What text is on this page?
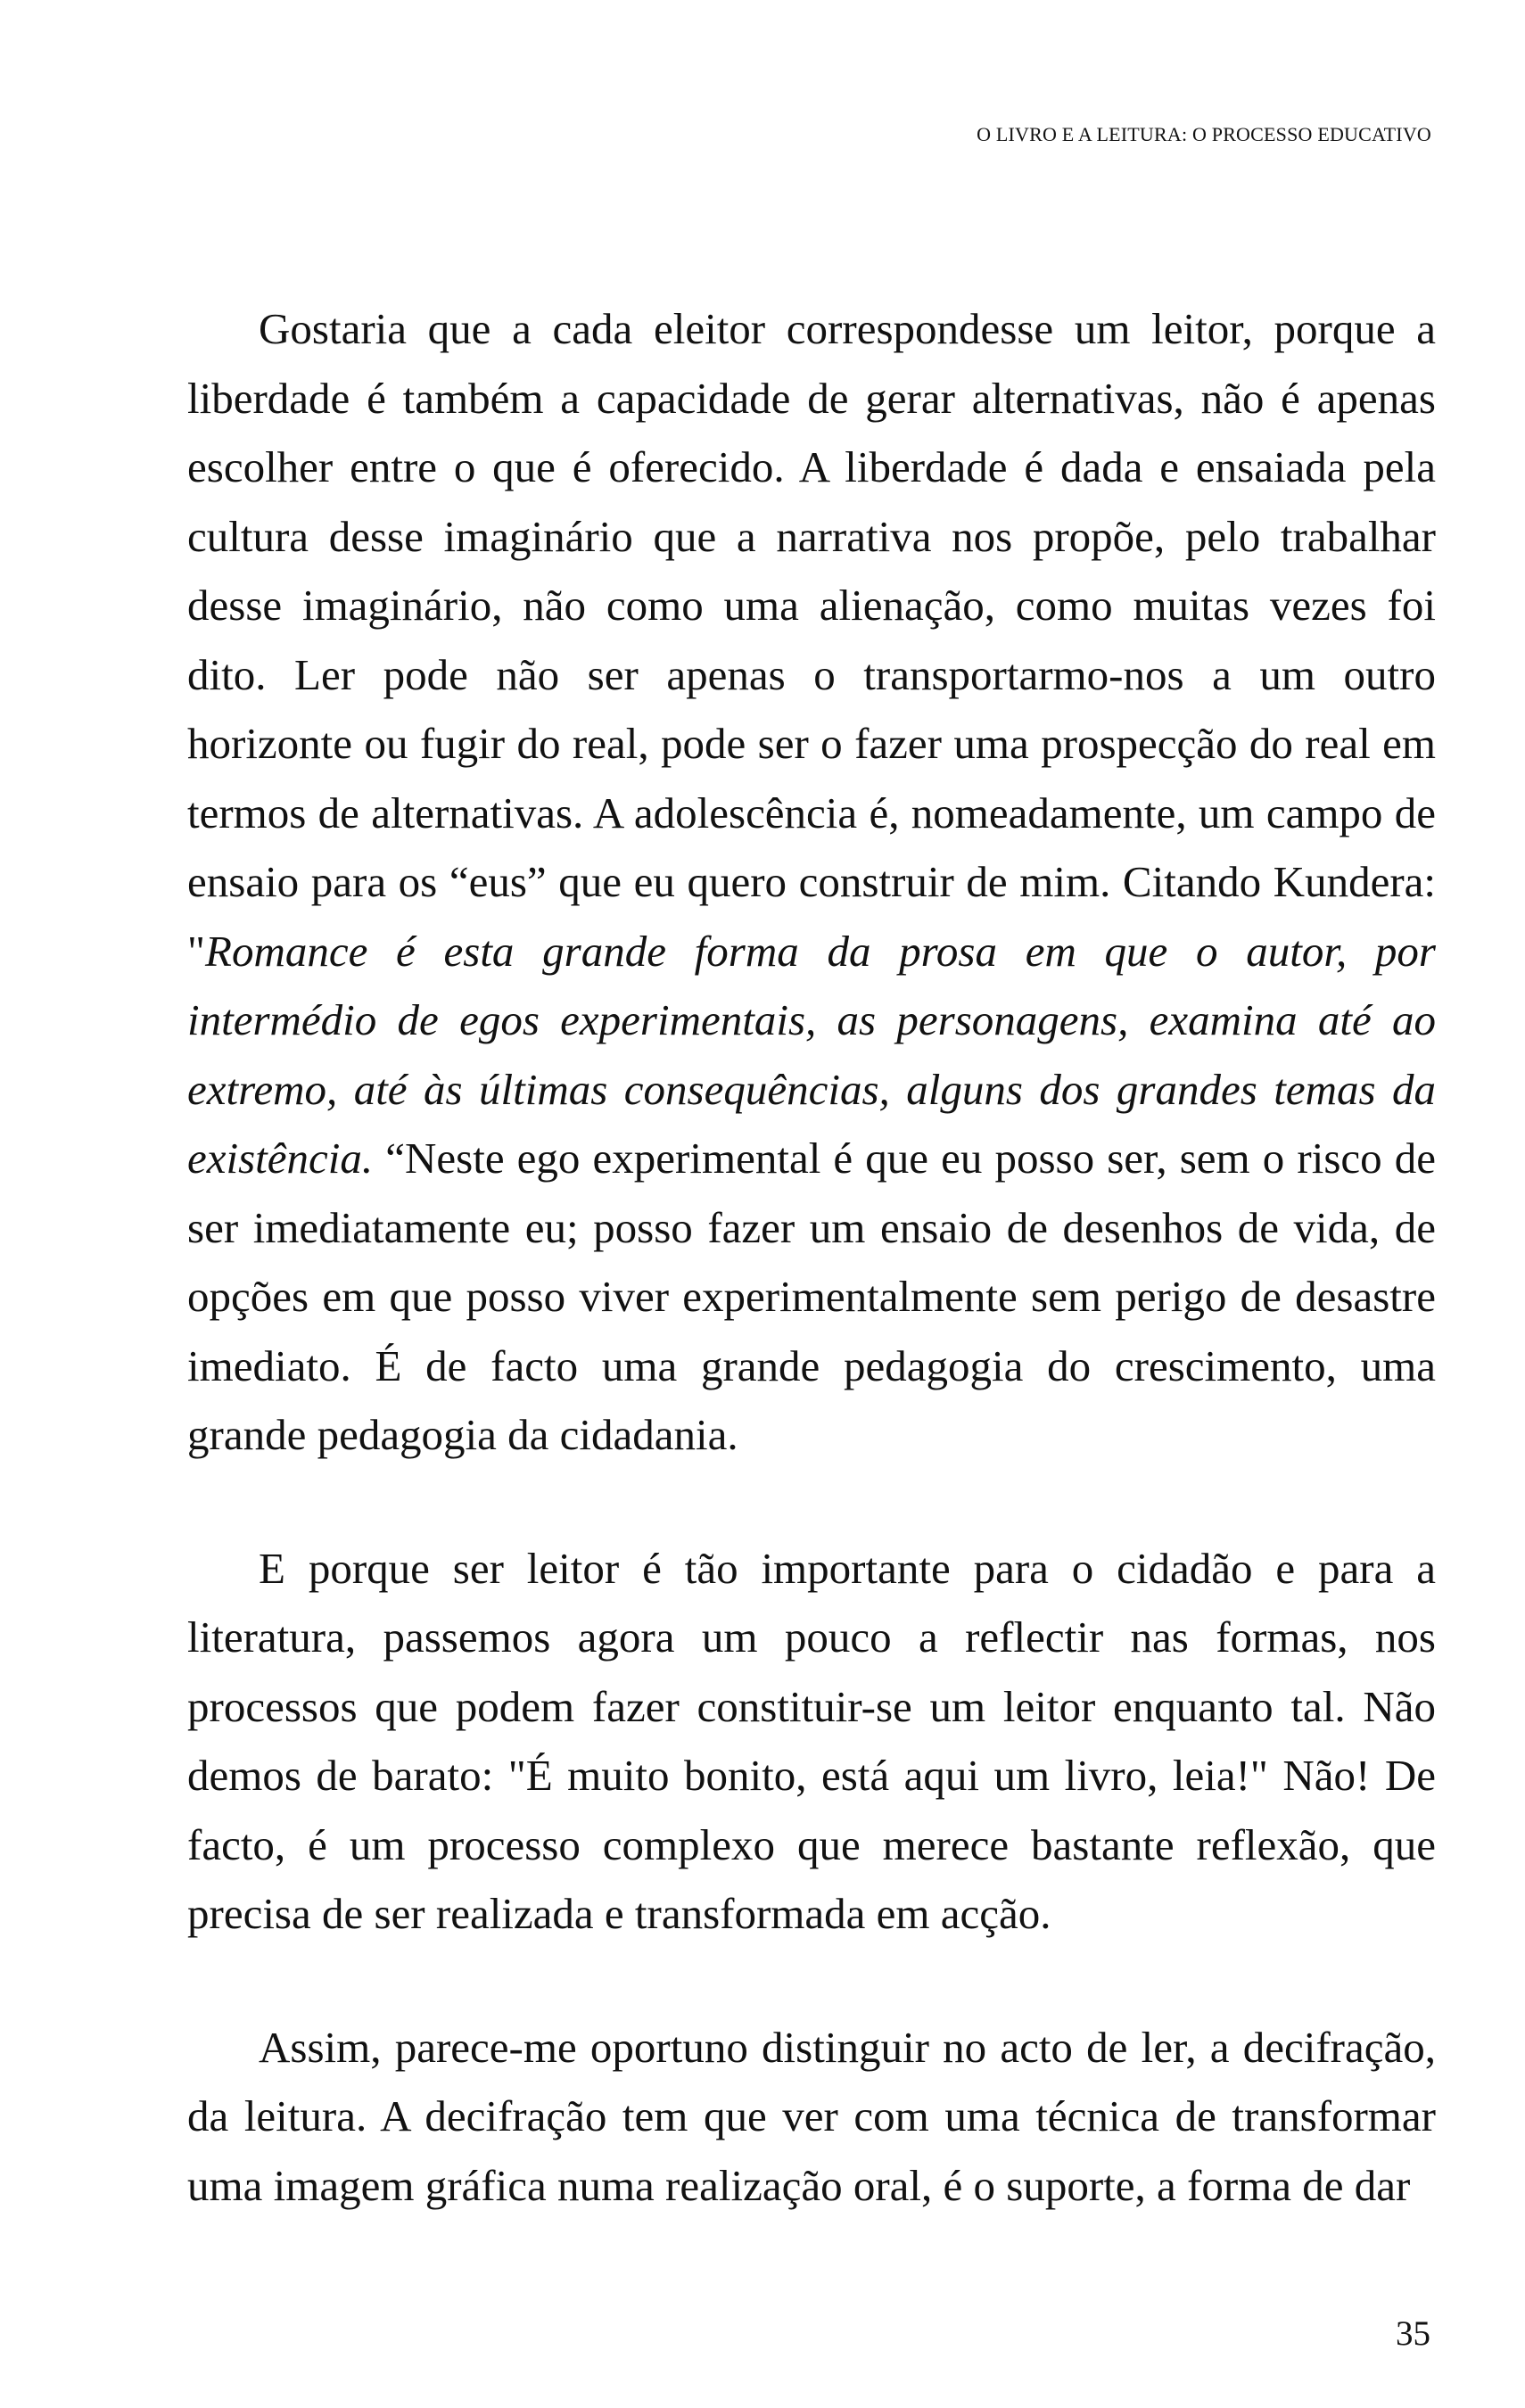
O LIVRO E A LEITURA: O PROCESSO EDUCATIVO

Gostaria que a cada eleitor correspondesse um leitor, porque a liberdade é também a capacidade de gerar alternativas, não é apenas escolher entre o que é oferecido. A liberdade é dada e ensaiada pela cultura desse imaginário que a narrativa nos propõe, pelo trabalhar desse imaginário, não como uma alienação, como muitas vezes foi dito. Ler pode não ser apenas o transportarmo-nos a um outro horizonte ou fugir do real, pode ser o fazer uma prospecção do real em termos de alternativas. A adolescência é, nomeadamente, um campo de ensaio para os “eus” que eu quero construir de mim. Citando Kundera: "Romance é esta grande forma da prosa em que o autor, por intermédio de egos experimentais, as personagens, examina até ao extremo, até às últimas consequências, alguns dos grandes temas da existência. “Neste ego experimental é que eu posso ser, sem o risco de ser imediatamente eu; posso fazer um ensaio de desenhos de vida, de opções em que posso viver experimentalmente sem perigo de desastre imediato. É de facto uma grande pedagogia do crescimento, uma grande pedagogia da cidadania.

E porque ser leitor é tão importante para o cidadão e para a literatura, passemos agora um pouco a reflectir nas formas, nos processos que podem fazer constituir-se um leitor enquanto tal. Não demos de barato: "É muito bonito, está aqui um livro, leia!" Não! De facto, é um processo complexo que merece bastante reflexão, que precisa de ser realizada e transformada em acção.

Assim, parece-me oportuno distinguir no acto de ler, a decifração, da leitura. A decifração tem que ver com uma técnica de transformar uma imagem gráfica numa realização oral, é o suporte, a forma de dar

35
